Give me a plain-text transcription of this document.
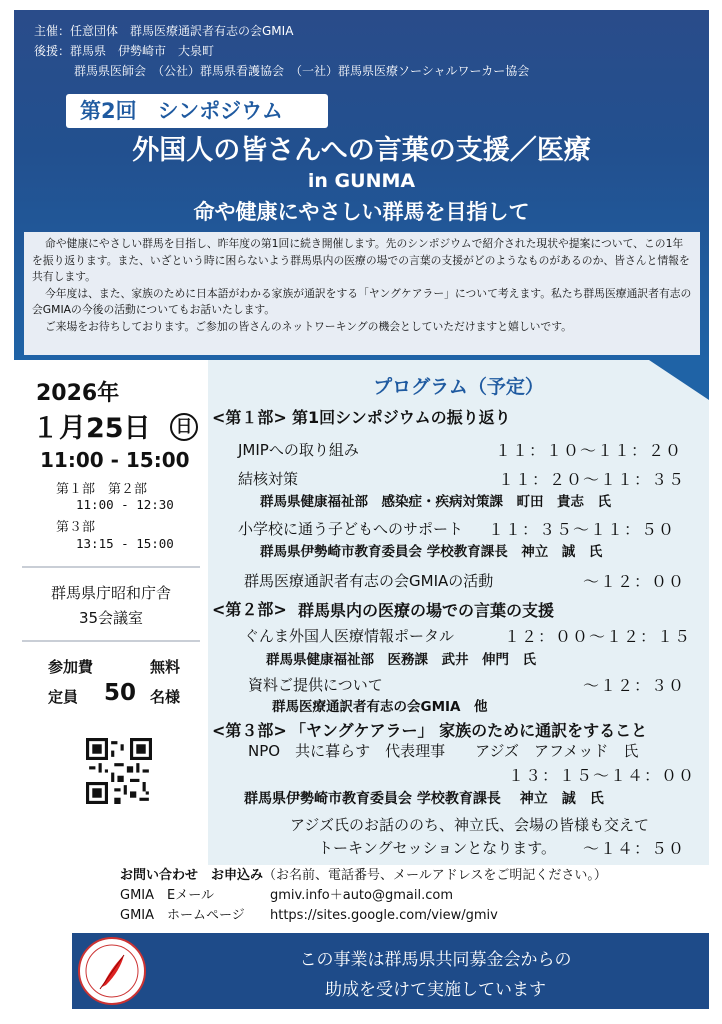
主催：任意団体　群馬医療通訳者有志の会GMIA
後援：群馬県　伊勢崎市　大泉町
群馬県医師会　（公社）群馬県看護協会　（一社）群馬県医療ソーシャルワーカー協会
第2回　シンポジウム
外国人の皆さんへの言葉の支援／医療
in GUNMA
命や健康にやさしい群馬を目指して

命や健康にやさしい群馬を目指し、昨年度の第1回に続き開催します。先のシンポジウムで紹介された現状や提案について、この1年を振り返ります。また、いざという時に困らないよう群馬県内の医療の場での言葉の支援がどのようなものがあるのか、皆さんと情報を共有します。

今年度は、また、家族のために日本語がわかる家族が通訳をする「ヤングケアラー」について考えます。私たち群馬医療通訳者有志の会GMIAの今後の活動についてもお話いたします。

ご来場をお待ちしております。ご参加の皆さんのネットワーキングの機会としていただけますと嬉しいです。

2026年
１月25日	日
11:00 - 15:00
第１部　第２部
11:00 - 12:30
第３部
13:15 - 15:00
群馬県庁昭和庁舎
35会議室
参加費	無料
定員 50 名様
プログラム（予定）
<第１部> 第1回シンポジウムの振り返り
JMIPへの取り組み	１１：１０～１１：２０
結核対策	１１：２０～１１：３５
群馬県健康福祉部　感染症・疾病対策課　町田　貴志　氏
小学校に通う子どもへのサポート １１：３５～１１：５０
群馬県伊勢崎市教育委員会 学校教育課長　神立　誠　氏
群馬医療通訳者有志の会GMIAの活動	～１２：００
<第２部> 群馬県内の医療の場での言葉の支援
ぐんま外国人医療情報ポータル	１２：００～１２：１５
群馬県健康福祉部　医務課　武井　伸門　氏
資料ご提供について	～１２：３０
群馬医療通訳者有志の会GMIA　他
<第３部> 「ヤングケアラー」 家族のために通訳をすること
NPO　共に暮らす　代表理事　　アジズ　アフメッド　氏
１３：１５～１４：００
群馬県伊勢崎市教育委員会 学校教育課長　 神立　誠　氏
アジズ氏のお話ののち、神立氏、会場の皆様も交えて
トーキングセッションとなります。 ～１４：５０
お問い合わせ　お申込み（お名前、電話番号、メールアドレスをご明記ください。）
GMIA　Eメール	gmiv.info＋auto@gmail.com
GMIA　ホームページ https://sites.google.com/view/gmiv
この事業は群馬県共同募金会からの
助成を受けて実施しています
